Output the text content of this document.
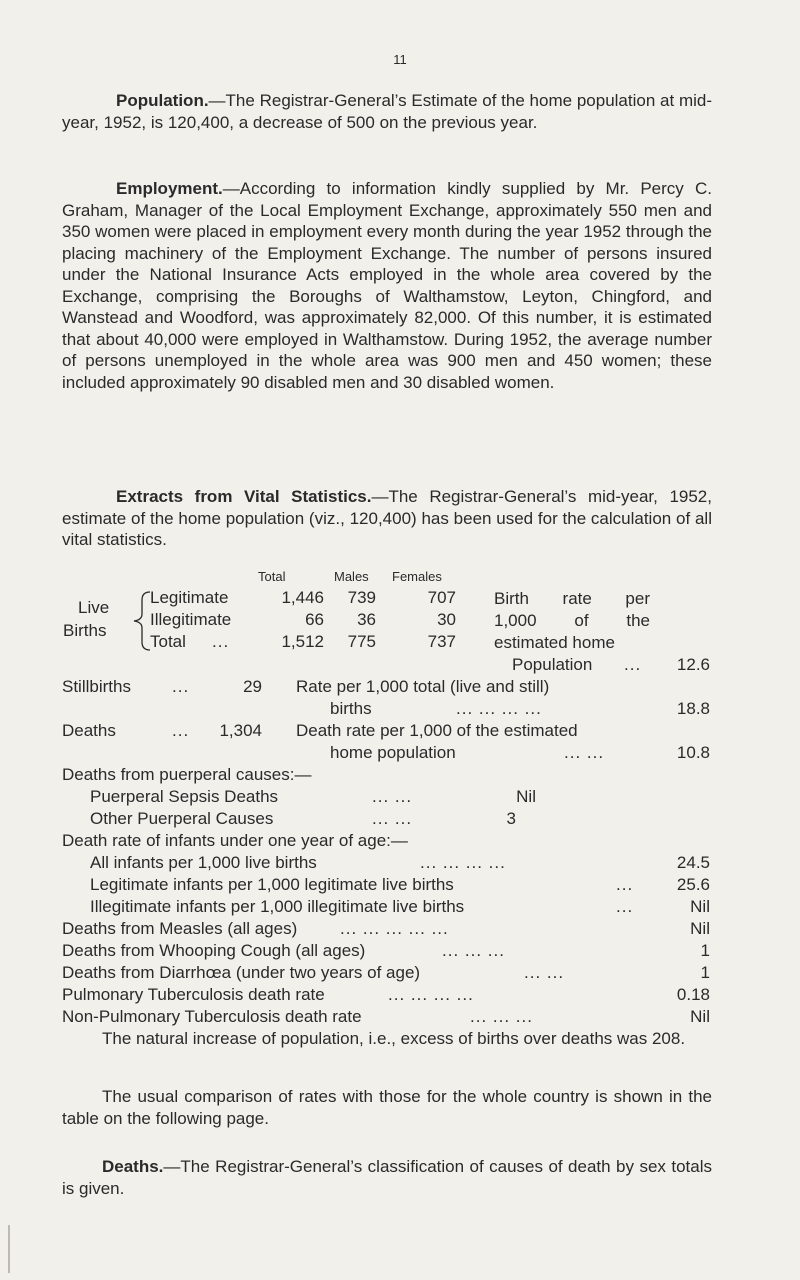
11

Population.—The Registrar-General’s Estimate of the home population at mid-year, 1952, is 120,400, a decrease of 500 on the previous year.

Employment.—According to information kindly supplied by Mr. Percy C. Graham, Manager of the Local Employment Exchange, approximately 550 men and 350 women were placed in employment every month during the year 1952 through the placing machinery of the Employment Exchange. The number of persons insured under the National Insurance Acts employed in the whole area covered by the Exchange, comprising the Boroughs of Walthamstow, Leyton, Chingford, and Wanstead and Woodford, was approximately 82,000. Of this number, it is estimated that about 40,000 were employed in Walthamstow. During 1952, the average number of persons unemployed in the whole area was 900 men and 450 women; these included approximately 90 disabled men and 30 disabled women.

Extracts from Vital Statistics.—The Registrar-General’s mid-year, 1952, estimate of the home population (viz., 120,400) has been used for the calculation of all vital statistics.

Total	Males Females
Live
Births
Legitimate	1,446	739	707
Illegitimate	66	36	30
Total ...	1,512	775	737
Birth rate per
1,000 of the
estimated home
Population ...	12.6
Stillbirths ...	29 Rate per 1,000 total (live and still)
births	... ... ... ...	18.8
Deaths	...	1,304 Death rate per 1,000 of the estimated
home population	... ...	10.8
Deaths from puerperal causes:—
Puerperal Sepsis Deaths	... ...	Nil
Other Puerperal Causes	... ...	3
Death rate of infants under one year of age:—
All infants per 1,000 live births	... ... ... ...	24.5
Legitimate infants per 1,000 legitimate live births	...	25.6
Illegitimate infants per 1,000 illegitimate live births	...	Nil
Deaths from Measles (all ages)	... ... ... ... ...	Nil
Deaths from Whooping Cough (all ages)	... ... ...	1
Deaths from Diarrhœa (under two years of age)	... ...	1
Pulmonary Tuberculosis death rate	... ... ... ...	0.18
Non-Pulmonary Tuberculosis death rate	... ... ...	Nil

The natural increase of population, i.e., excess of births over deaths was 208.

The usual comparison of rates with those for the whole country is shown in the table on the following page.

Deaths.—The Registrar-General’s classification of causes of death by sex totals is given.
